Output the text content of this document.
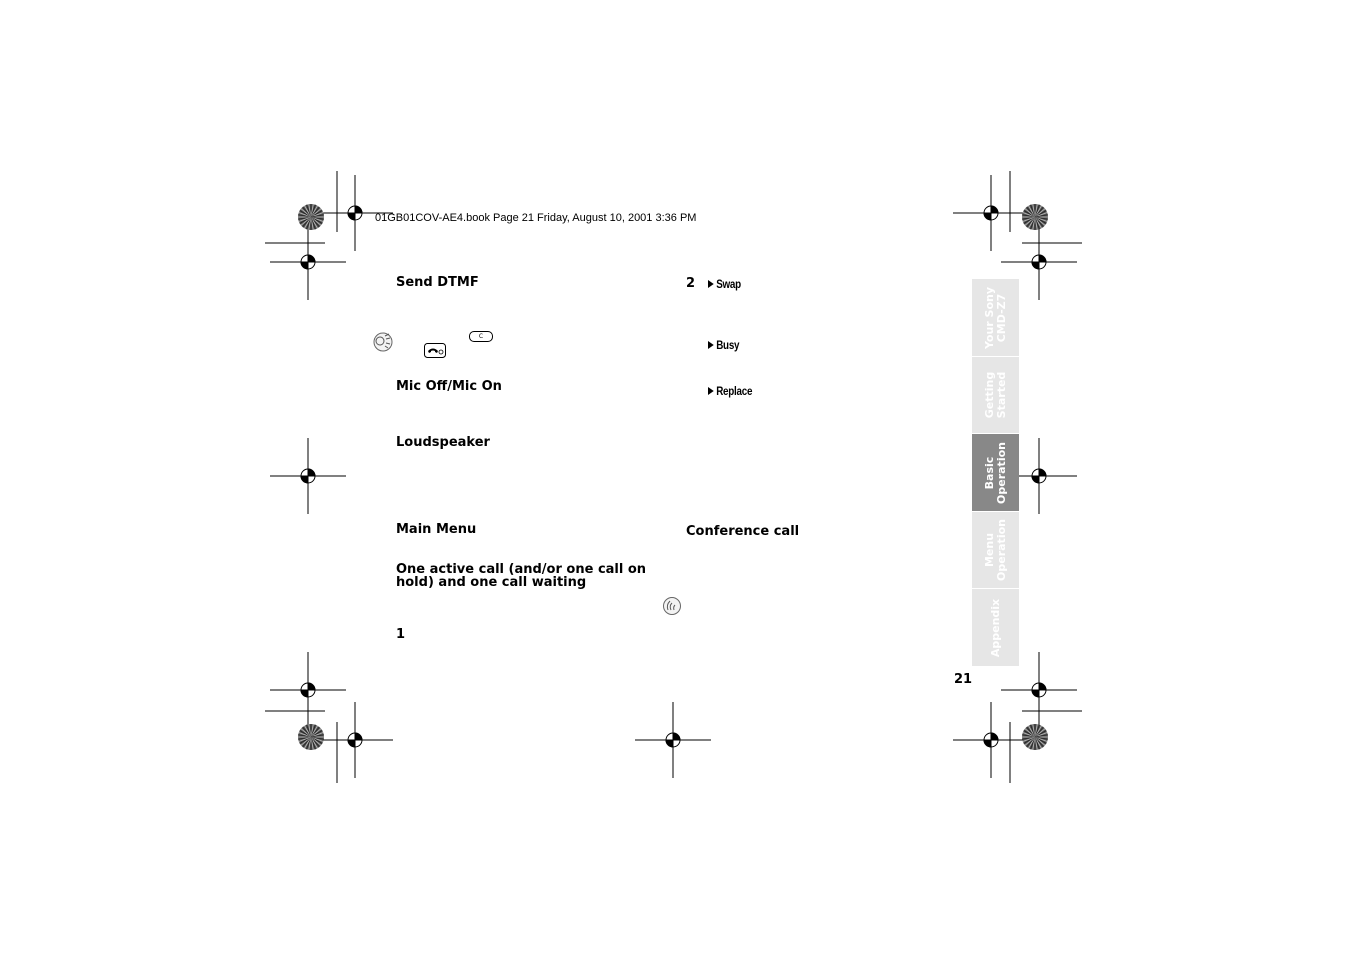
01GB01COV-AE4.book Page 21 Friday, August 10, 2001 3:36 PM
Send DTMF
C
Mic Off/Mic On
Loudspeaker
Main Menu
One active call (and/or one call on
hold) and one call waiting
1
2	Swap
Busy
Replace
Conference call
Your Sony CMD-Z7
Getting Started
Basic Operation
Menu Operation
Appendix
21
